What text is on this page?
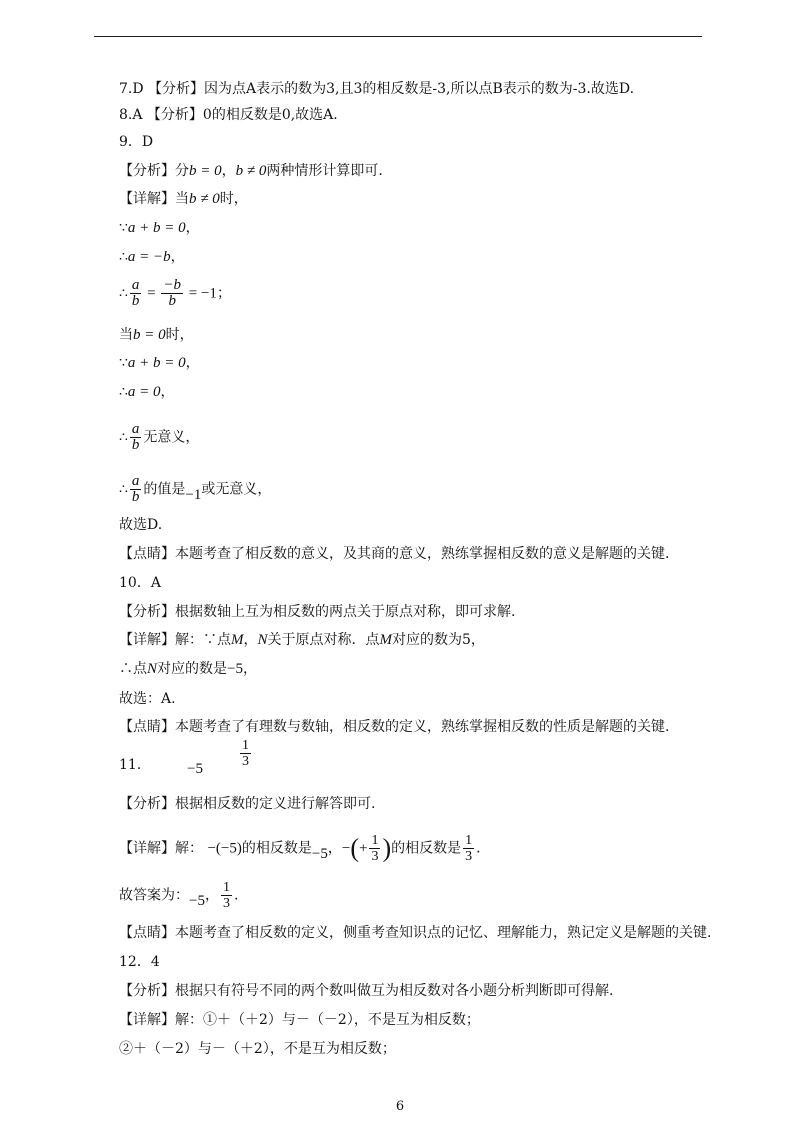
7.D 【分析】因为点A表示的数为3,且3的相反数是-3,所以点B表示的数为-3.故选D.
8.A 【分析】0的相反数是0,故选A.
9．D
【分析】分b = 0，b ≠ 0两种情形计算即可.
【详解】当b ≠ 0时，
∵a + b = 0，
∴a = −b，
∴ $\frac{a}{b} = \frac{-b}{b} = -1$；
当b = 0时，
∵a + b = 0，
∴a = 0，
∴ $\frac{a}{b}$ 无意义，
∴ $\frac{a}{b}$ 的值是−1或无意义，
故选D.
【点睛】本题考查了相反数的意义，及其商的意义，熟练掌握相反数的意义是解题的关键.
10．A
【分析】根据数轴上互为相反数的两点关于原点对称，即可求解.
【详解】解：∵点M，N关于原点对称．点M对应的数为5，
∴点N对应的数是−5，
故选：A.
【点睛】本题考查了有理数与数轴，相反数的定义，熟练掌握相反数的性质是解题的关键.
11． −5	$\frac{1}{3}$
【分析】根据相反数的定义进行解答即可.
【详解】解： −(−5)的相反数是−5，−(+ $\frac{1}{3}$ )的相反数是 $\frac{1}{3}$ .
故答案为：−5， $\frac{1}{3}$ .
【点睛】本题考查了相反数的定义，侧重考查知识点的记忆、理解能力，熟记定义是解题的关键.
12．4
【分析】根据只有符号不同的两个数叫做互为相反数对各小题分析判断即可得解.
【详解】解：①＋（＋2）与－（－2），不是互为相反数；
②＋（－2）与－（＋2），不是互为相反数；
6
